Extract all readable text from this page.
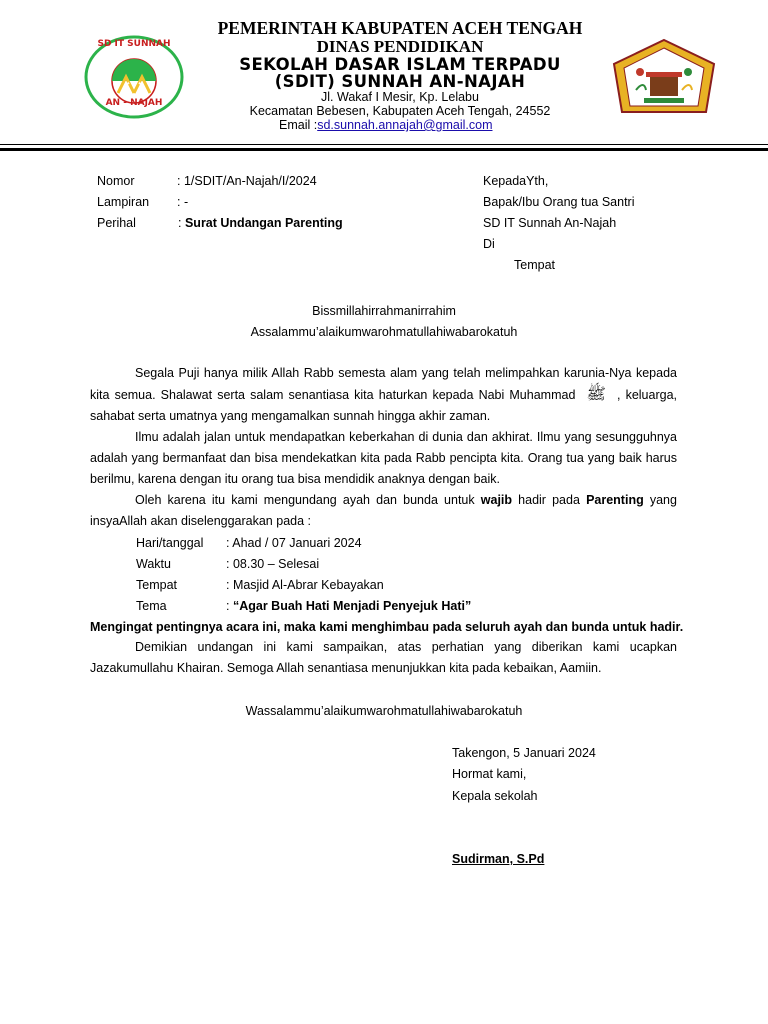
✦ ✦ ✦
SD IT SUNNAH
AN - NAJAH
PEMERINTAH KABUPATEN ACEH TENGAH
DINAS PENDIDIKAN
SEKOLAH DASAR ISLAM TERPADU
(SDIT) SUNNAH AN-NAJAH
Jl. Wakaf I Mesir, Kp. Lelabu
Kecamatan Bebesen, Kabupaten Aceh Tengah, 24552
Email :sd.sunnah.annajah@gmail.com
Nomor	: 1/SDIT/An-Najah/I/2024
Lampiran : -
Perihal	: Surat Undangan Parenting
KepadaYth,
Bapak/Ibu Orang tua Santri
SD IT Sunnah An-Najah
Di
Tempat
Bissmillahirrahmanirrahim
Assalammu’alaikumwarohmatullahiwabarokatuh

Segala Puji hanya milik Allah Rabb semesta alam yang telah melimpahkan karunia-Nya kepada kita semua. Shalawat serta salam senantiasa kita haturkan kepada Nabi Muhammad ﷺ , keluarga, sahabat serta umatnya yang mengamalkan sunnah hingga akhir zaman.

Ilmu adalah jalan untuk mendapatkan keberkahan di dunia dan akhirat. Ilmu yang sesungguhnya adalah yang bermanfaat dan bisa mendekatkan kita pada Rabb pencipta kita. Orang tua yang baik harus berilmu, karena dengan itu orang tua bisa mendidik anaknya dengan baik.

Oleh karena itu kami mengundang ayah dan bunda untuk wajib hadir pada Parenting yang insyaAllah akan diselenggarakan pada :

Hari/tanggal : Ahad / 07 Januari 2024
Waktu	: 08.30 – Selesai
Tempat	: Masjid Al-Abrar Kebayakan
Tema	: “Agar Buah Hati Menjadi Penyejuk Hati”
Mengingat pentingnya acara ini, maka kami menghimbau pada seluruh ayah dan bunda untuk hadir.

Demikian undangan ini kami sampaikan, atas perhatian yang diberikan kami ucapkan Jazakumullahu Khairan. Semoga Allah senantiasa menunjukkan kita pada kebaikan, Aamiin.

Wassalammu’alaikumwarohmatullahiwabarokatuh
Takengon, 5 Januari 2024
Hormat kami,
Kepala sekolah
Sudirman, S.Pd
